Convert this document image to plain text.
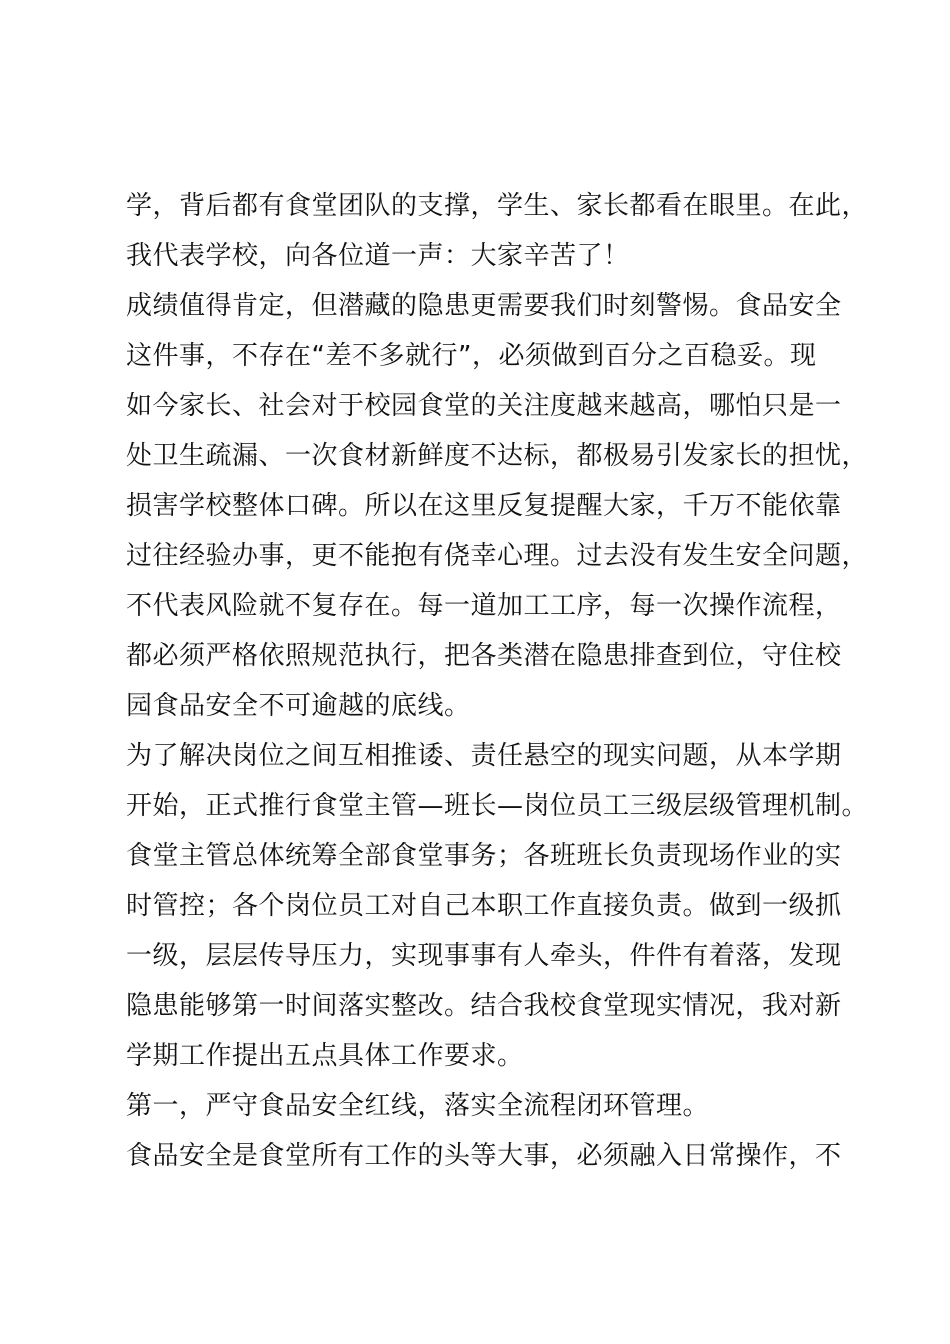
学，背后都有食堂团队的支撑，学生、家长都看在眼里。在此，
我代表学校，向各位道一声：大家辛苦了！
成绩值得肯定，但潜藏的隐患更需要我们时刻警惕。食品安全
这件事，不存在“差不多就行”，必须做到百分之百稳妥。现
如今家长、社会对于校园食堂的关注度越来越高，哪怕只是一
处卫生疏漏、一次食材新鲜度不达标，都极易引发家长的担忧，
损害学校整体口碑。所以在这里反复提醒大家，千万不能依靠
过往经验办事，更不能抱有侥幸心理。过去没有发生安全问题，
不代表风险就不复存在。每一道加工工序，每一次操作流程，
都必须严格依照规范执行，把各类潜在隐患排查到位，守住校
园食品安全不可逾越的底线。
为了解决岗位之间互相推诿、责任悬空的现实问题，从本学期
开始，正式推行食堂主管—班长—岗位员工三级层级管理机制。
食堂主管总体统筹全部食堂事务；各班班长负责现场作业的实
时管控；各个岗位员工对自己本职工作直接负责。做到一级抓
一级，层层传导压力，实现事事有人牵头，件件有着落，发现
隐患能够第一时间落实整改。结合我校食堂现实情况，我对新
学期工作提出五点具体工作要求。
第一，严守食品安全红线，落实全流程闭环管理。
食品安全是食堂所有工作的头等大事，必须融入日常操作，不
